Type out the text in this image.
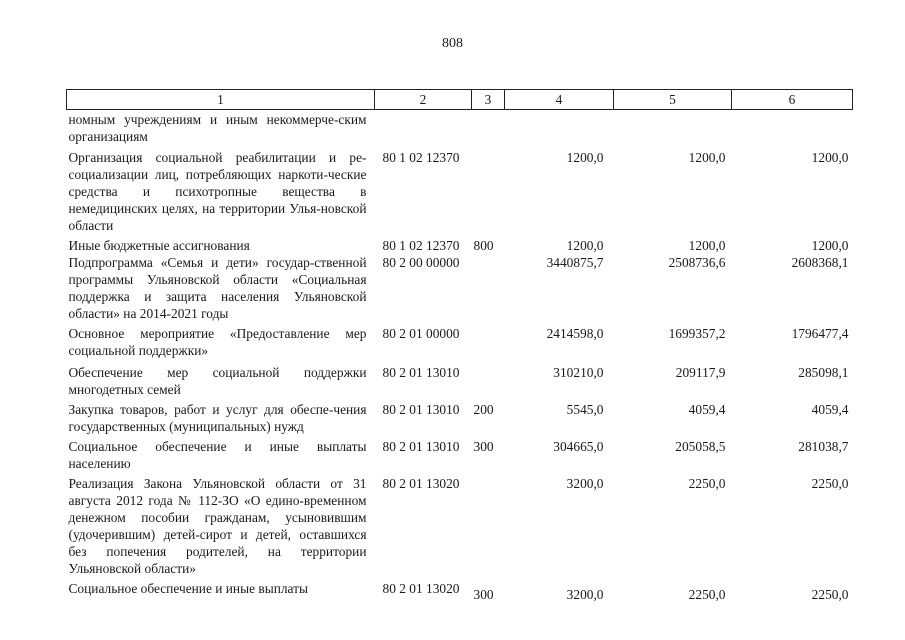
808
1	2	3	4	5	6
номным учреждениям и иным некоммерче-ским организациям					
Организация социальной реабилитации и ре-социализации лиц, потребляющих наркоти-ческие средства и психотропные вещества в немедицинских целях, на территории Улья-новской области	80 1 02 12370		1200,0	1200,0	1200,0
Иные бюджетные ассигнования	80 1 02 12370	800	1200,0	1200,0	1200,0
Подпрограмма «Семья и дети» государ-ственной программы Ульяновской области «Социальная поддержка и защита населения Ульяновской области» на 2014-2021 годы	80 2 00 00000		3440875,7	2508736,6	2608368,1
Основное мероприятие «Предоставление мер социальной поддержки»	80 2 01 00000		2414598,0	1699357,2	1796477,4
Обеспечение мер социальной поддержки многодетных семей	80 2 01 13010		310210,0	209117,9	285098,1
Закупка товаров, работ и услуг для обеспе-чения государственных (муниципальных) нужд	80 2 01 13010	200	5545,0	4059,4	4059,4
Социальное обеспечение и иные выплаты населению	80 2 01 13010	300	304665,0	205058,5	281038,7
Реализация Закона Ульяновской области от 31 августа 2012 года № 112-ЗО «О едино-временном денежном пособии гражданам, усыновившим (удочерившим) детей-сирот и детей, оставшихся без попечения родителей, на территории Ульяновской области»	80 2 01 13020		3200,0	2250,0	2250,0
Социальное обеспечение и иные выплаты	80 2 01 13020	300	3200,0	2250,0	2250,0
